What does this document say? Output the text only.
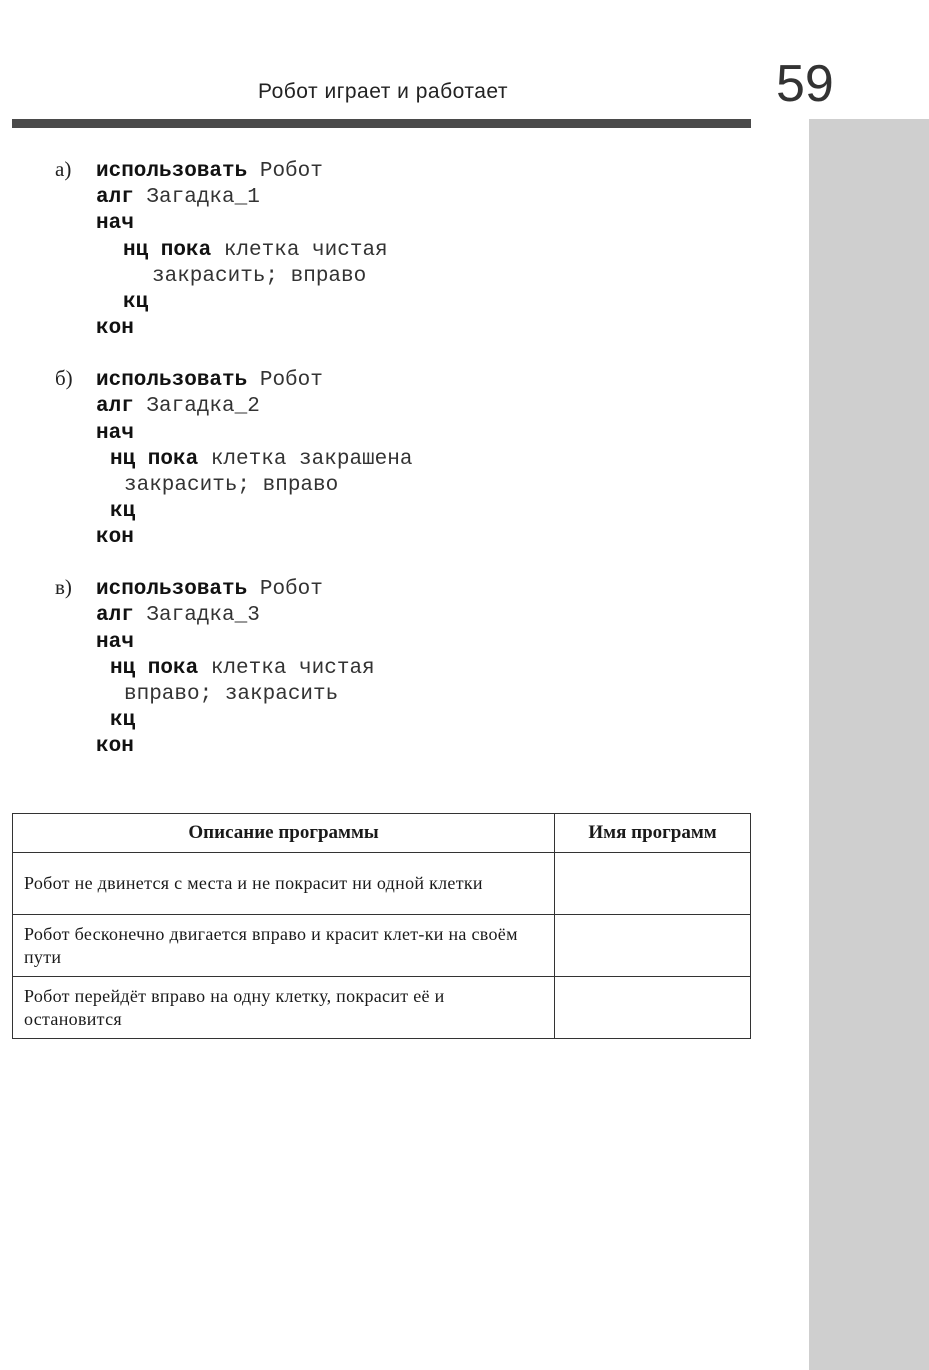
Робот играет и работает	59
а) использовать Робот
алг Загадка_1
нач
нц пока клетка чистая
закрасить; вправо
кц
кон
б) использовать Робот
алг Загадка_2
нач
нц пока клетка закрашена
закрасить; вправо
кц
кон
в) использовать Робот
алг Загадка_3
нач
нц пока клетка чистая
вправо; закрасить
кц
кон
Описание программы	Имя программ
Робот не двинется с места и не покрасит ни одной клетки	
Робот бесконечно двигается вправо и красит клет-ки на своём пути	
Робот перейдёт вправо на одну клетку, покрасит её и остановится	
